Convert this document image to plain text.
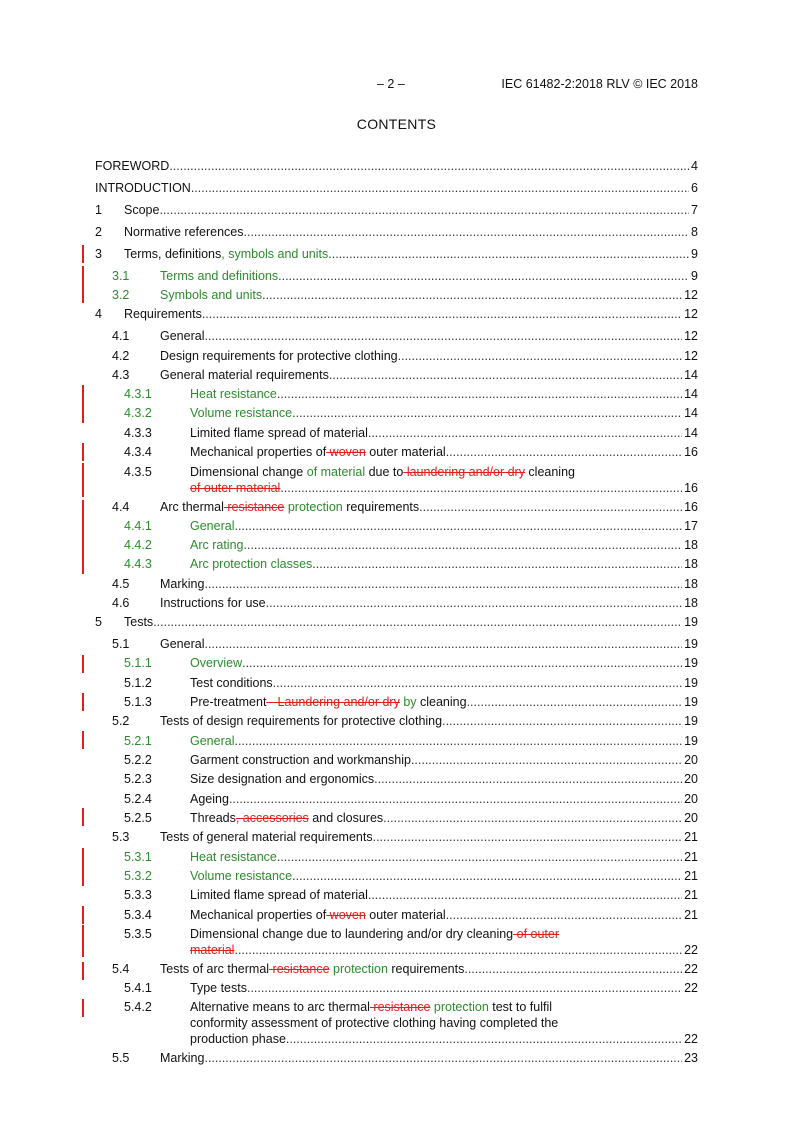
– 2 –	IEC 61482-2:2018 RLV © IEC 2018
CONTENTS
FOREWORD .....	4
INTRODUCTION .....	6
1 Scope .....	7
2 Normative references .....	8
3 Terms, definitions , symbols and units .....	9
3.1 Terms and definitions .....	9
3.2 Symbols and units .....	12
4 Requirements .....	12
4.1 General .....	12
4.2 Design requirements for protective clothing .....	12
4.3 General material requirements .....	14
4.3.1	Heat resistance .....	14
4.3.2	Volume resistance .....	14
4.3.3	Limited flame spread of material .....	14
4.3.4	Mechanical properties of woven outer material .....	16
4.3.5	Dimensional change of material due to laundering and/or dry cleaning
of outer material .....	16
4.4 Arc thermal resistance protection requirements .....	16
4.4.1	General .....	17
4.4.2	Arc rating .....	18
4.4.3	Arc protection classes .....	18
4.5 Marking .....	18
4.6 Instructions for use .....	18
5 Tests .....	19
5.1 General .....	19
5.1.1	Overview .....	19
5.1.2	Test conditions .....	19
5.1.3	Pre-treatment - Laundering and/or dry by cleaning .....	19
5.2 Tests of design requirements for protective clothing .....	19
5.2.1	General .....	19
5.2.2	Garment construction and workmanship .....	20
5.2.3	Size designation and ergonomics .....	20
5.2.4	Ageing .....	20
5.2.5	Threads , accessories and closures .....	20
5.3 Tests of general material requirements .....	21
5.3.1	Heat resistance .....	21
5.3.2	Volume resistance .....	21
5.3.3	Limited flame spread of material .....	21
5.3.4	Mechanical properties of woven outer material .....	21
5.3.5	Dimensional change due to laundering and/or dry cleaning of outer
material .....	22
5.4 Tests of arc thermal resistance protection requirements .....	22
5.4.1	Type tests .....	22
5.4.2	Alternative means to arc thermal resistance protection test to fulfil
conformity assessment of protective clothing having completed the
production phase .....	22
5.5 Marking .....	23
